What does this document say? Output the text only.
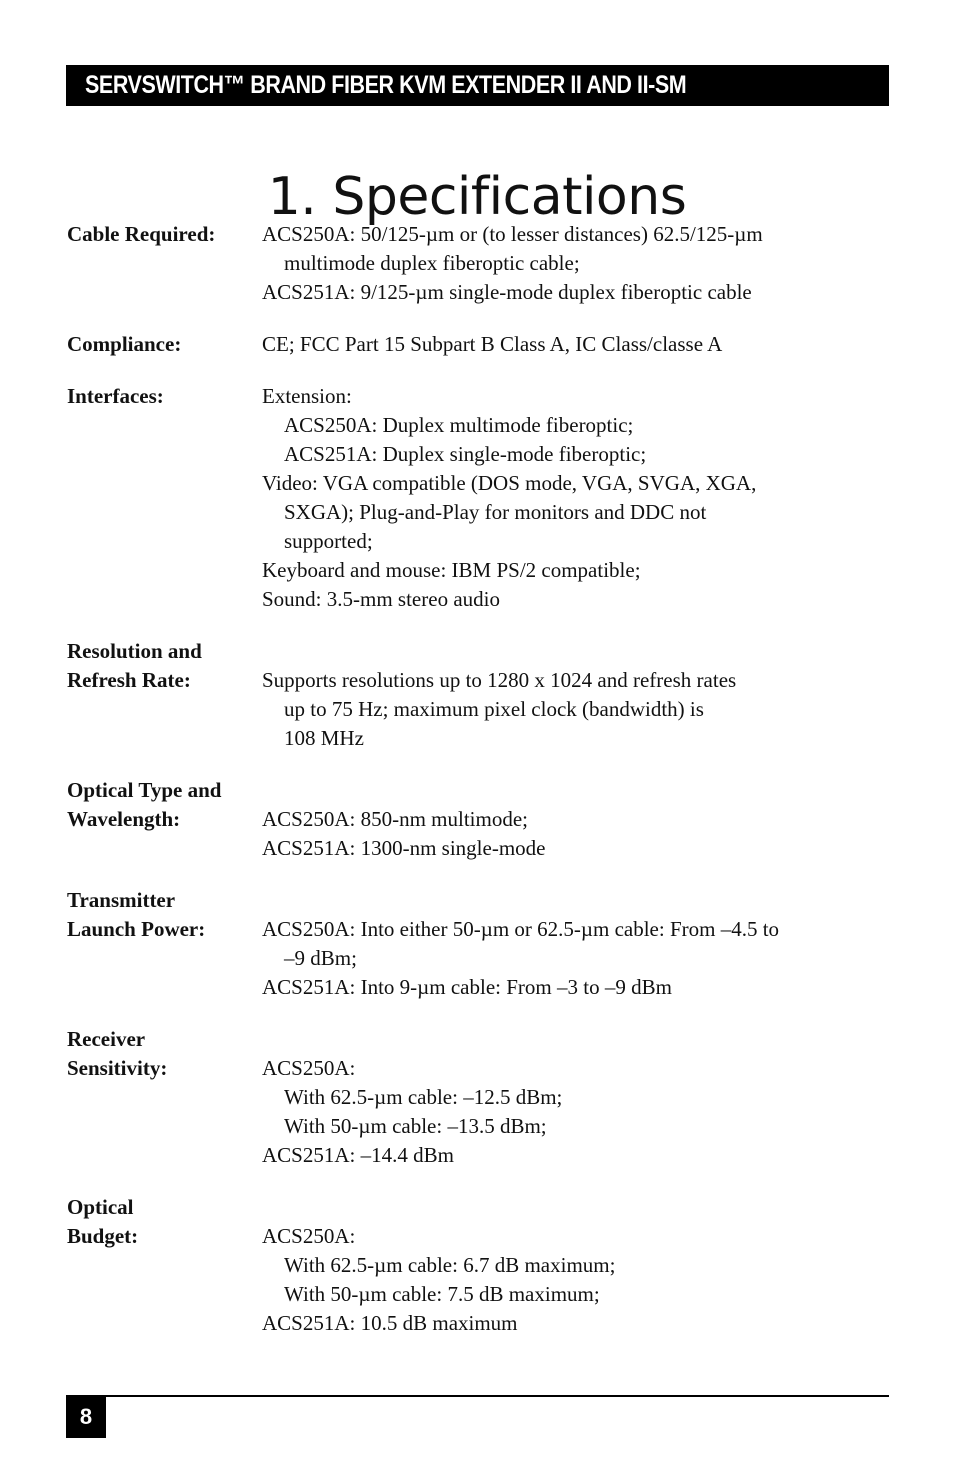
SERVSWITCH™ BRAND FIBER KVM EXTENDER II AND II-SM
1. Specifications
Cable Required:	ACS250A: 50/125-µm or (to lesser distances) 62.5/125-µm
multimode duplex fiberoptic cable;
ACS251A: 9/125-µm single-mode duplex fiberoptic cable
Compliance:	CE; FCC Part 15 Subpart B Class A, IC Class/classe A
Interfaces:	Extension:
ACS250A: Duplex multimode fiberoptic;
ACS251A: Duplex single-mode fiberoptic;
Video: VGA compatible (DOS mode, VGA, SVGA, XGA,
SXGA); Plug-and-Play for monitors and DDC not
supported;
Keyboard and mouse: IBM PS/2 compatible;
Sound: 3.5-mm stereo audio
Resolution and
Refresh Rate:	Supports resolutions up to 1280 x 1024 and refresh rates
up to 75 Hz; maximum pixel clock (bandwidth) is
108 MHz
Optical Type and
Wavelength:	ACS250A: 850-nm multimode;
ACS251A: 1300-nm single-mode
Transmitter
Launch Power:	ACS250A: Into either 50-µm or 62.5-µm cable: From –4.5 to
–9 dBm;
ACS251A: Into 9-µm cable: From –3 to –9 dBm
Receiver
Sensitivity:	ACS250A:
With 62.5-µm cable: –12.5 dBm;
With 50-µm cable: –13.5 dBm;
ACS251A: –14.4 dBm
Optical
Budget:	ACS250A:
With 62.5-µm cable: 6.7 dB maximum;
With 50-µm cable: 7.5 dB maximum;
ACS251A: 10.5 dB maximum
8
